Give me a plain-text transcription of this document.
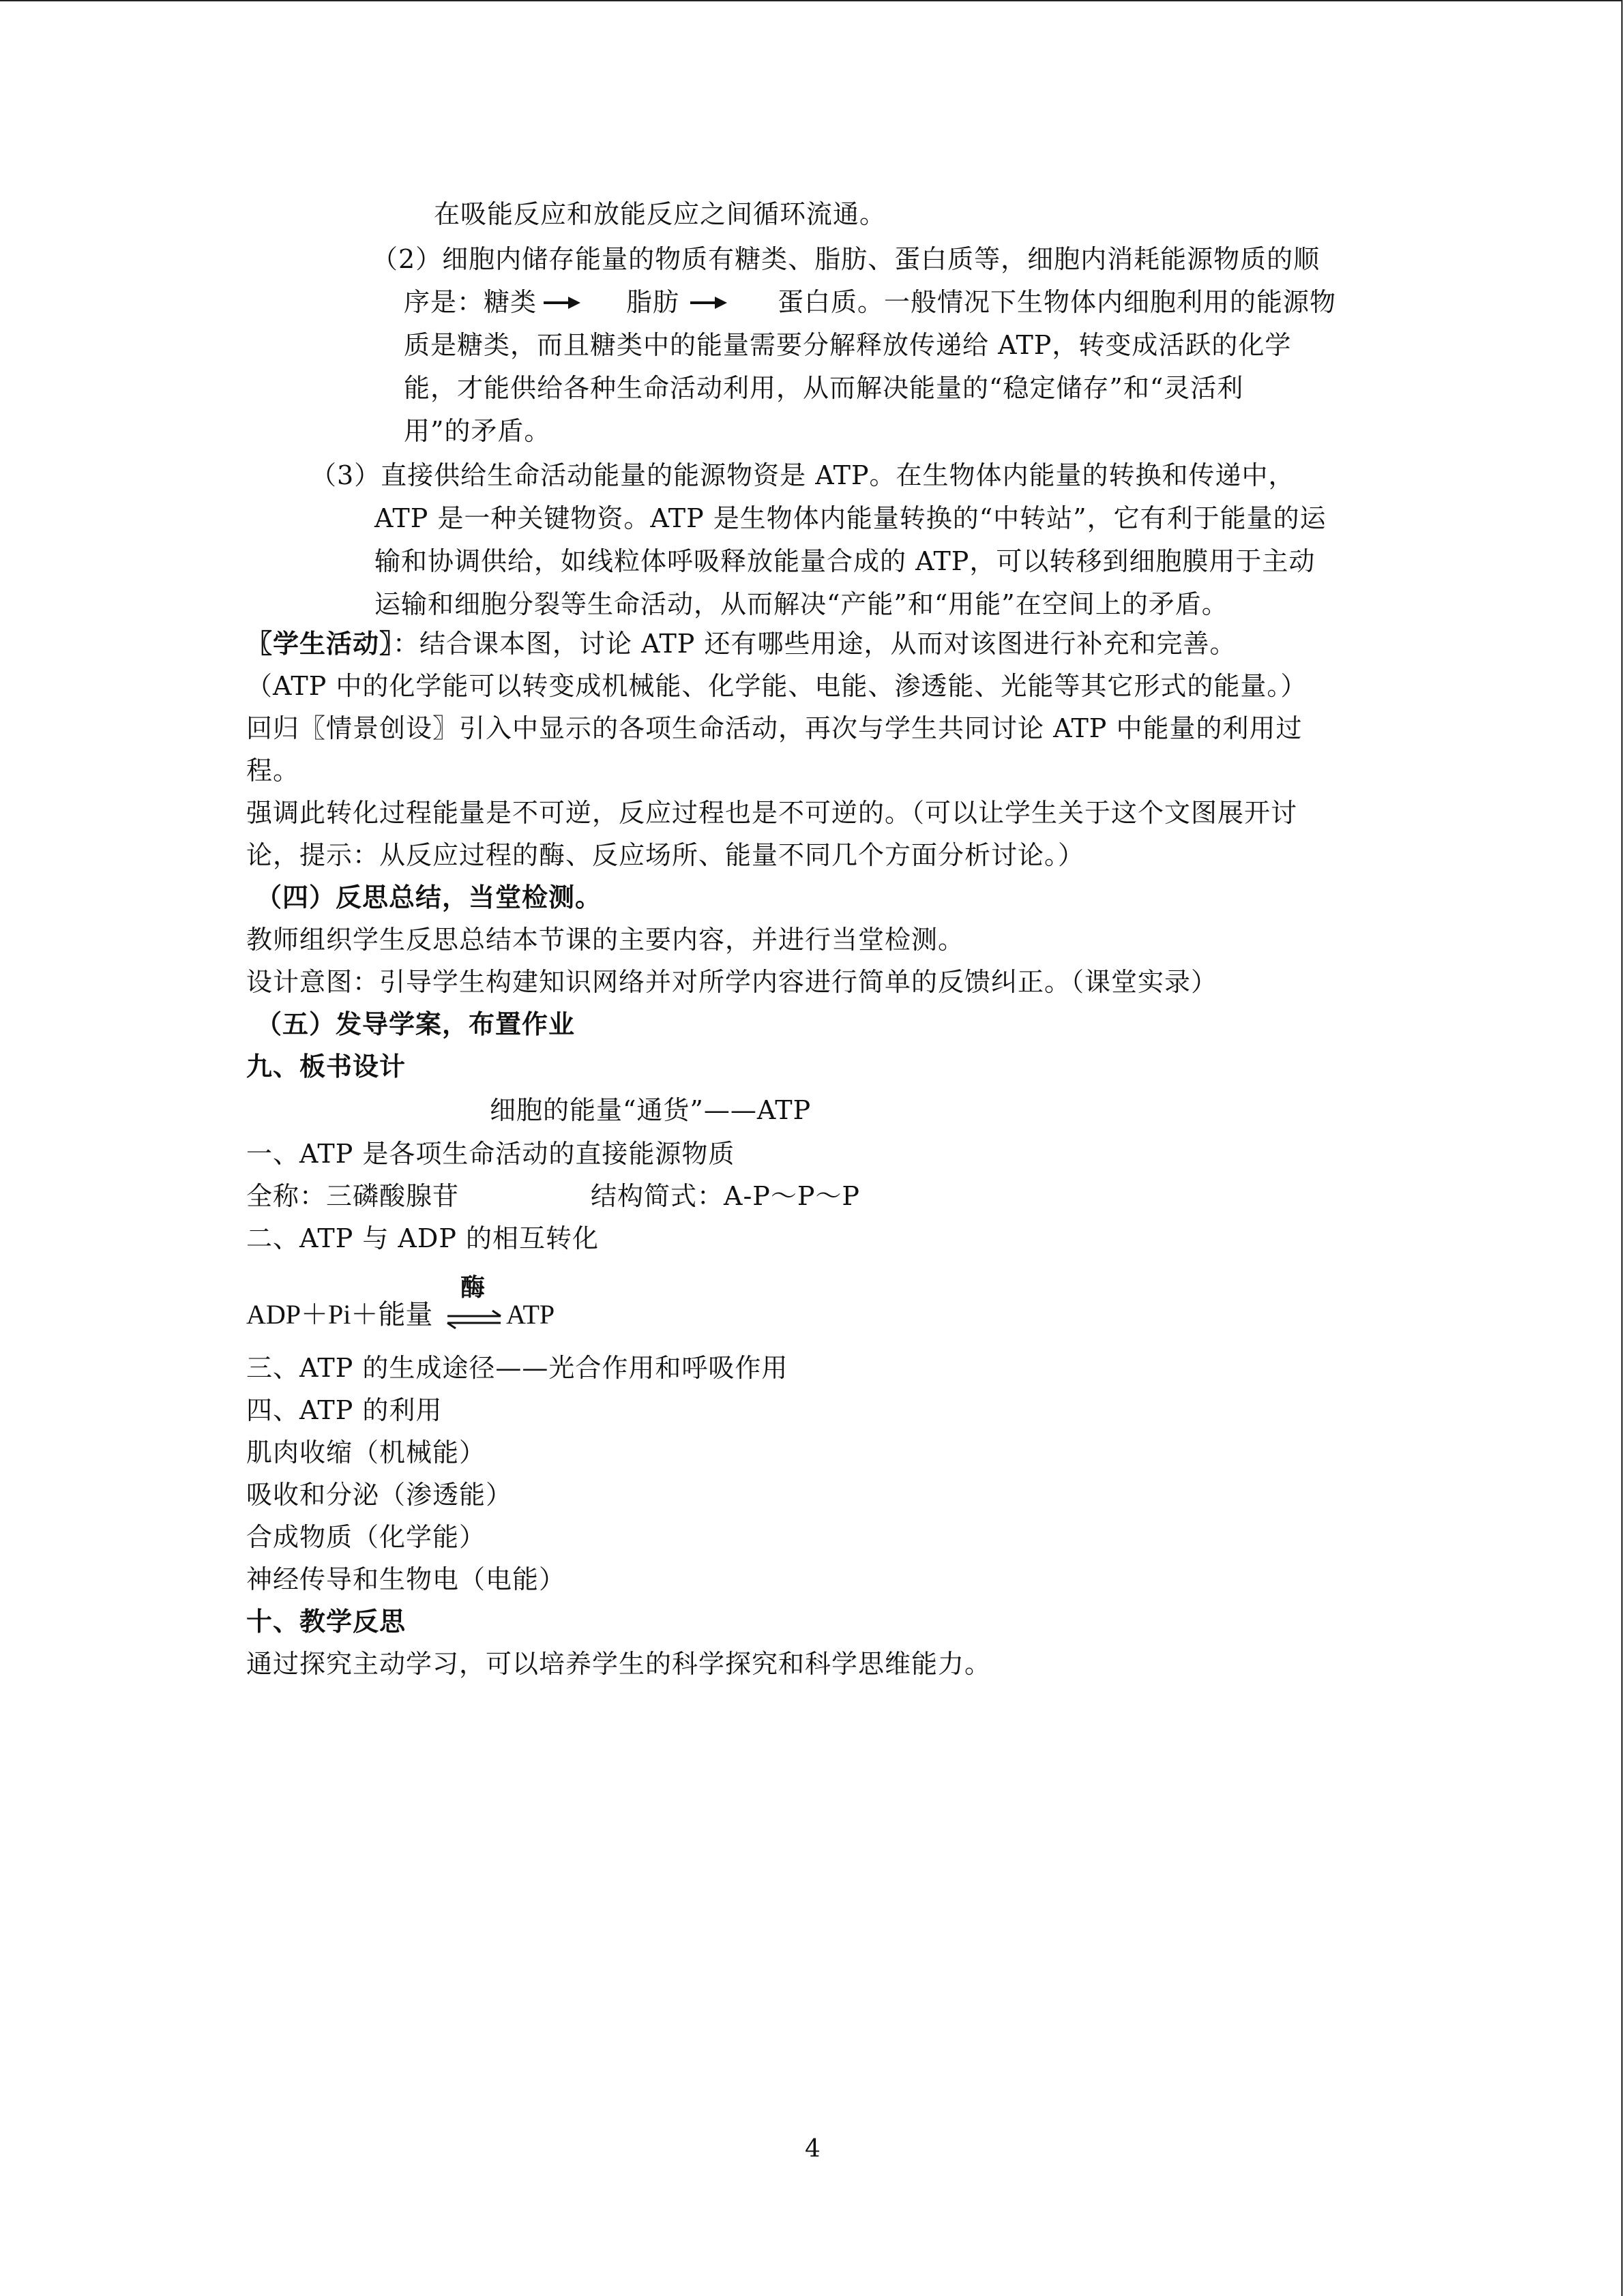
在吸能反应和放能反应之间循环流通。
（2）细胞内储存能量的物质有糖类、脂肪、蛋白质等，细胞内消耗能源物质的顺
序是：糖类	脂肪	蛋白质。一般情况下生物体内细胞利用的能源物
质是糖类，而且糖类中的能量需要分解释放传递给 ATP，转变成活跃的化学
能，才能供给各种生命活动利用，从而解决能量的“稳定储存”和“灵活利
用”的矛盾。
（3）直接供给生命活动能量的能源物资是 ATP。在生物体内能量的转换和传递中，
ATP 是一种关键物资。ATP 是生物体内能量转换的“中转站”，它有利于能量的运
输和协调供给，如线粒体呼吸释放能量合成的 ATP，可以转移到细胞膜用于主动
运输和细胞分裂等生命活动，从而解决“产能”和“用能”在空间上的矛盾。
〖学生活动〗：结合课本图，讨论 ATP 还有哪些用途，从而对该图进行补充和完善。
（ATP 中的化学能可以转变成机械能、化学能、电能、渗透能、光能等其它形式的能量。）
回归〖情景创设〗引入中显示的各项生命活动，再次与学生共同讨论 ATP 中能量的利用过
程。
强调此转化过程能量是不可逆，反应过程也是不可逆的。（可以让学生关于这个文图展开讨
论，提示：从反应过程的酶、反应场所、能量不同几个方面分析讨论。）
（四）反思总结，当堂检测。
教师组织学生反思总结本节课的主要内容，并进行当堂检测。
设计意图：引导学生构建知识网络并对所学内容进行简单的反馈纠正。（课堂实录）
（五）发导学案，布置作业
九、板书设计
细胞的能量“通货”——ATP
一、ATP 是各项生命活动的直接能源物质
全称：三磷酸腺苷	结构简式：A-P～P～P
二、ATP 与 ADP 的相互转化
ADP＋Pi＋能量
酶
ATP
三、ATP 的生成途径——光合作用和呼吸作用
四、ATP 的利用
肌肉收缩（机械能）
吸收和分泌（渗透能）
合成物质（化学能）
神经传导和生物电（电能）
十、教学反思
通过探究主动学习，可以培养学生的科学探究和科学思维能力。
4
